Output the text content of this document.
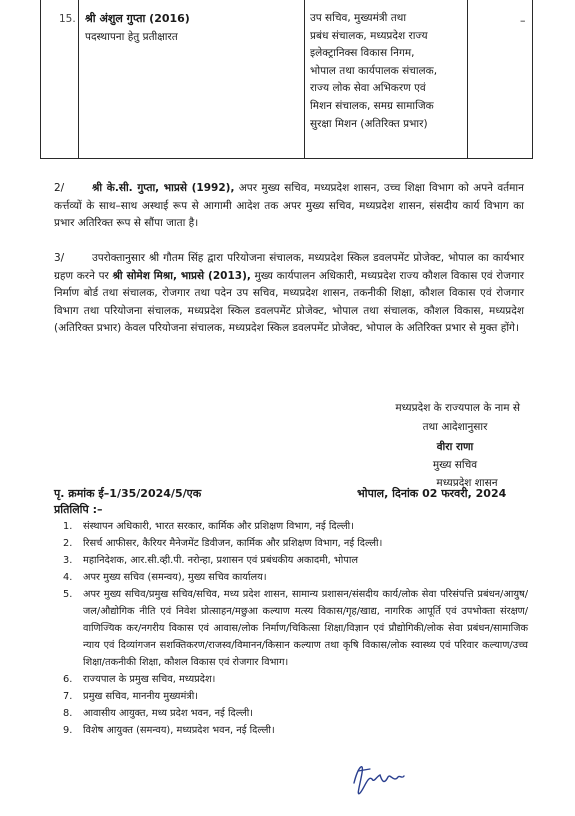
15. श्री अंशुल गुप्ता (2016)
पदस्थापना हेतु प्रतीक्षारत
उप सचिव, मुख्यमंत्री तथा
प्रबंध संचालक, मध्यप्रदेश राज्य
इलेक्ट्रानिक्स विकास निगम,
भोपाल तथा कार्यपालक संचालक,
राज्य लोक सेवा अभिकरण एवं
मिशन संचालक, समग्र सामाजिक
सुरक्षा मिशन (अतिरिक्त प्रभार)
–
2/	श्री के.सी. गुप्ता, भाप्रसे (1992), अपर मुख्य सचिव, मध्यप्रदेश शासन, उच्च शिक्षा विभाग को अपने वर्तमान कर्त्तव्यों के साथ–साथ अस्थाई रूप से आगामी आदेश तक अपर मुख्य सचिव, मध्यप्रदेश शासन, संसदीय कार्य विभाग का प्रभार अतिरिक्त रूप से सौंपा जाता है।
3/ उपरोक्तानुसार श्री गौतम सिंह द्वारा परियोजना संचालक, मध्यप्रदेश स्किल डवलपमेंट प्रोजेक्ट, भोपाल का कार्यभार ग्रहण करने पर श्री सोमेश मिश्रा, भाप्रसे (2013), मुख्य कार्यपालन अधिकारी, मध्यप्रदेश राज्य कौशल विकास एवं रोजगार निर्माण बोर्ड तथा संचालक, रोजगार तथा पदेन उप सचिव, मध्यप्रदेश शासन, तकनीकी शिक्षा, कौशल विकास एवं रोजगार विभाग तथा परियोजना संचालक, मध्यप्रदेश स्किल डवलपमेंट प्रोजेक्ट, भोपाल तथा संचालक, कौशल विकास, मध्यप्रदेश (अतिरिक्त प्रभार) केवल परियोजना संचालक, मध्यप्रदेश स्किल डवलपमेंट प्रोजेक्ट, भोपाल के अतिरिक्त प्रभार से मुक्त होंगे।
मध्यप्रदेश के राज्यपाल के नाम से
तथा आदेशानुसार
वीरा राणा
मुख्य सचिव
मध्यप्रदेश शासन
पृ. क्रमांक ई–1/35/2024/5/एक	भोपाल, दिनांक 02 फरवरी, 2024
प्रतिलिपि :–
1. संस्थापन अधिकारी, भारत सरकार, कार्मिक और प्रशिक्षण विभाग, नई दिल्ली।
2. रिसर्च आफीसर, कैरियर मैनेजमेंट डिवीजन, कार्मिक और प्रशिक्षण विभाग, नई दिल्ली।
3. महानिदेशक, आर.सी.व्ही.पी. नरोन्हा, प्रशासन एवं प्रबंधकीय अकादमी, भोपाल
4. अपर मुख्य सचिव (समन्वय), मुख्य सचिव कार्यालय।
5. अपर मुख्य सचिव/प्रमुख सचिव/सचिव, मध्य प्रदेश शासन, सामान्य प्रशासन/संसदीय कार्य/लोक सेवा परिसंपत्ति प्रबंधन/आयुष/जल/औद्योगिक नीति एवं निवेश प्रोत्साहन/मछुआ कल्याण मत्स्य विकास/गृह/खाद्य, नागरिक आपूर्ति एवं उपभोक्ता संरक्षण/वाणिज्यिक कर/नगरीय विकास एवं आवास/लोक निर्माण/चिकित्सा शिक्षा/विज्ञान एवं प्रौद्योगिकी/लोक सेवा प्रबंधन/सामाजिक न्याय एवं दिव्यांगजन सशक्तिकरण/राजस्व/विमानन/किसान कल्याण तथा कृषि विकास/लोक स्वास्थ्य एवं परिवार कल्याण/उच्च शिक्षा/तकनीकी शिक्षा, कौशल विकास एवं रोजगार विभाग।
6. राज्यपाल के प्रमुख सचिव, मध्यप्रदेश।
7. प्रमुख सचिव, माननीय मुख्यमंत्री।
8. आवासीय आयुक्त, मध्य प्रदेश भवन, नई दिल्ली।
9. विशेष आयुक्त (समन्वय), मध्यप्रदेश भवन, नई दिल्ली।
